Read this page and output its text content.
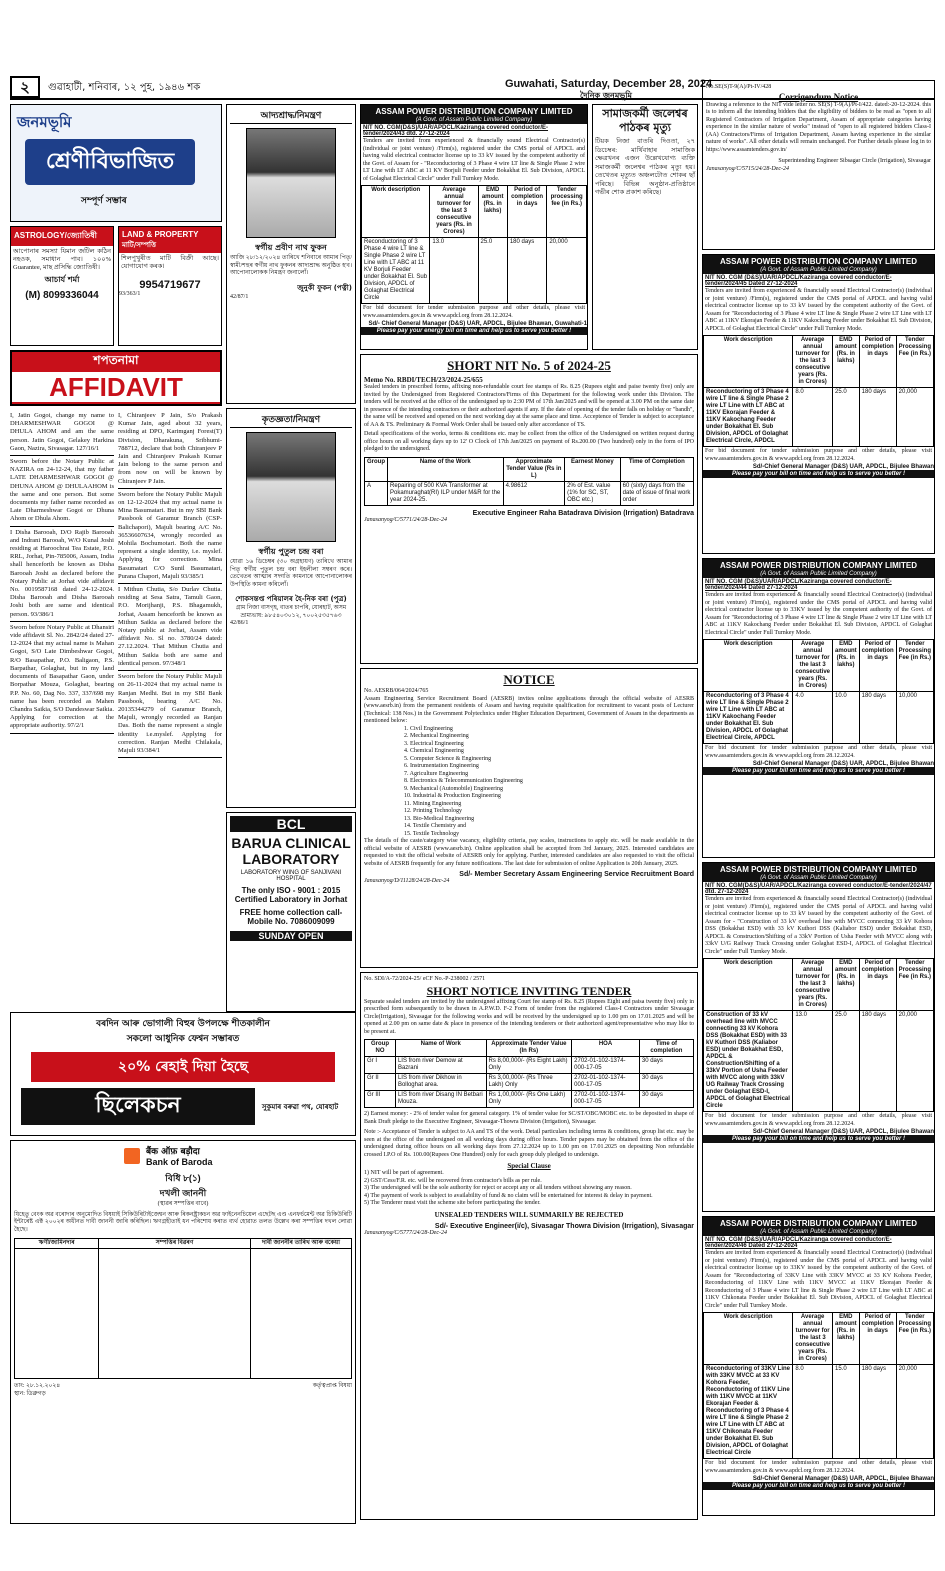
২	গুৱাহাটী, শনিবাৰ, ১২ পুহ, ১৯৪৬ শক	Guwahati, Saturday, December 28, 2024
দৈনিক জনমভূমি
জনমভূমি
শ্ৰেণীবিভাজিত
সম্পূৰ্ণ সম্ভাৰ
ASTROLOGY/জ্যোতিষী
আপোনাৰ সমস্যা যিমান জটিল কঠিন নহওক, সমাধান পাব। ১০০% Guarantee, মাছ প্ৰসিদ্ধি জ্যোতিষী।
আচাৰ্য শৰ্মা
(M) 8099336044
LAND & PROPERTY
মাটি/সম্পত্তি
শিলপুখুৰীত মাটি বিক্ৰী আছে। যোগাযোগ কৰক।
9954719677
93/363/1
শপতনামা
AFFIDAVIT
I, Jatin Gogoi, change my name to DHARMESHWAR GOGOI @ DHULA AHOM and am the same person. Jatin Gogoi, Gelakey Harkina Gaon, Nazira, Sivasagar. 127/16/1
Sworn before the Notary Public at NAZIRA on 24-12-24, that my father LATE DHARMESHWAR GOGOI @ DHUNA AHOM @ DHULAAHOM is the same and one person. But some documents my father name recorded as Late Dharmeshwar Gogoi or Dhuna Ahom or Dhula Ahom.
I Disha Barooah, D/O Rajib Barooah and Indrani Barooah, W/O Kunal Joshi residing at Haroochrai Tea Estate, P.O. RRL, Jorhat, Pin-785006, Assam, India shall henceforth be known as Disha Barooah Joshi as declared before the Notary Public at Jorhat vide affidavit No. 0019587168 dated 24-12-2024. Disha Barooah and Disha Barooah Joshi both are same and identical person. 93/386/1
Sworn before Notary Public at Dhansiri vide affidavit Sl. No. 2842/24 dated 27-12-2024 that my actual name is Mahan Gogoi, S/O Late Dimbeshwar Gogoi, R/O Basapathar, P.O. Baligaon, P.S. Barpathar, Golaghat, but in my land documents of Basapathar Gaon, under Borpathar Mouza, Golaghat, bearing P.P. No. 60, Dag No. 337, 337/698 my name has been recorded as Mahen Chandra Saikia, S/O Dandeswar Saikia. Applying for correction at the appropriate authority. 97/2/1
I, Chiranjeev P Jain, S/o Prakash Kumar Jain, aged about 32 years, residing at DPO, Karimganj Forest(T) Division, Dharakuna, Sribhumi-788712, declare that both Chiranjeev P Jain and Chiranjeev Prakash Kumar Jain belong to the same person and from now on will be known by Chiranjeev P Jain.
Sworn before the Notary Public Majuli on 12-12-2024 that my actual name is Mina Basumatari. But in my SBI Bank Passbook of Garamur Branch (CSP-Balichapori), Majuli bearing A/C No. 36536607634, wrongly recorded as Mohila Bochumotari. Both the name represent a single identity, i.e. myslef. Applying for correction. Mina Basumatari C/O Sunil Basumatari, Purana Chapori, Majuli 93/385/1
I Mithun Chutia, S/o Durlav Chutia. residing at Sesa Satra, Tamuli Gaon, P.O. Morijhanji, P.S. Bhagamukh, Jorhat, Assam henceforth be known as Mithun Saikia as declared before the Notary public at Jorhat, Assam vide affidavit No. Sl no. 3780/24 dated: 27.12.2024. That Mithun Chutia and Mithun Saikia both are same and identical person. 97/348/1
Sworn before the Notary Public Majuli on 26-11-2024 that my actual name is Ranjan Medhi. But in my SBI Bank Passbook, bearing A/C No. 20135344279 of Garamur Branch, Majuli, wrongly recorded as Ranjan Das. Both the name represent a single identity i.e.myslef. Applying for correction. Ranjan Medhi Chilakala, Majuli 93/384/1
আদ্যশ্ৰাদ্ধ/নিমন্ত্ৰণ
স্বৰ্গীয় প্ৰবীণ নাথ ফুকন
আজি ২৮/১২/২০২৪ তাৰিখে শনিবাৰে আমাৰ পিতৃ/স্বামী/শহুৰ স্বৰ্গীয় নাথ ফুকনৰ আদ্যশ্ৰাদ্ধ অনুষ্ঠিত হ'ব। আপোনালোকক নিমন্ত্ৰণ জনালোঁ।
জুনুকী ফুকন (পত্নী)
42/87/1
কৃতজ্ঞতা/নিমন্ত্ৰণ
স্বৰ্গীয় পুতুল চন্দ্ৰ বৰা
যোৱা ১৬ ডিচেম্বৰ (৩০ অগ্ৰহায়ণ) তাৰিখে আমাৰ পিতৃ স্বৰ্গীয় পুতুল চন্দ্ৰ বৰা ইহলীলা সম্বৰণ কৰে। তেখেতৰ আত্মাৰ সদ্গতি কামনাৰে আপোনালোকৰ উপস্থিতি কামনা কৰিলোঁ।
শোকসন্তপ্ত পৰিয়ালৰ হৈ-নিক বৰা (পুত্ৰ)
গ্ৰাম নিজা বাসগৃহ, বাতৰ চাপৰি, যোৰহাট, অসম
ভ্ৰাম্যভাষ: ৯৮৫৪০৩০১২, ৭০০২৫৩৫৭৬৩
42/86/1
BCL
BARUA CLINICAL LABORATORY
LABORATORY WING OF SANJIVANI HOSPITAL
The only ISO - 9001 : 2015 Certified Laboratory in Jorhat
FREE home collection call- Mobile No. 7086009099
SUNDAY OPEN
বৰদিন আৰু ভোগালী বিহুৰ উপলক্ষে শীতকালীন
সকলো আধুনিক ফেশ্বন সম্ভাৰত
২০% ৰেহাই দিয়া হৈছে
ছিলেকচন	সুকুমাৰ বৰুৱা পথ, যোৰহাট
बैंक ऑफ़ बड़ौदा
Bank of Baroda
বিধি ৮(১)
দখলী জাননী
(স্থাৱৰ সম্পত্তিৰ বাবে)
যিহেতু বেংক অৱ বৰোদাৰ অনুমোদিত বিষয়াই সিকিউৰিটাইজেশ্বন আৰু ৰিকনষ্ট্ৰাকচন অৱ ফাইনেনচিয়েল এছেটছ এণ্ড এনফৰ্চমেন্ট অৱ চিকিউৰিটি ইন্টাৰেষ্ট এক্ট ২০০২ৰ অধীনত দাবী জাননী জাৰি কৰিছিল। ঋণগ্ৰহীতাই ধন পৰিশোধ কৰাত ব্যৰ্থ হোৱাত তলত উল্লেখ কৰা সম্পত্তিৰ দখল লোৱা হৈছে।
ঋণী/জামিনদাৰ	সম্পত্তিৰ বিৱৰণ	দাবী জাননীৰ তাৰিখ আৰু বকেয়া

তাং: ২৮.১২.২০২৪
স্থান: ডিব্ৰুগড়
কৰ্তৃত্বপ্ৰাপ্ত বিষয়া
ASSAM POWER DISTRIBUTION COMPANY LIMITED
(A Govt. of Assam Public Limited Company)
NIT NO. CGM(D&S)/UAR/APDCL/Kaziranga covered conductor/E-tender/2024/43 dtd. 27-12-2024
Tenders are invited from experienced & financially sound Electrical Contractor(s) (individual or joint venture) /Firm(s), registered under the CMS portal of APDCL and having valid electrical contractor license up to 33 kV issued by the competent authority of the Govt. of Assam for - "Reconductoring of 3 Phase 4 wire LT line & Single Phase 2 wire LT Line with LT ABC at 11 KV Borjuli Feeder under Bokakhat El. Sub Division, APDCL of Golaghat Electrical Circle" under Full Turnkey Mode.
Work description	Average annual turnover for the last 3 consecutive years (Rs. in Crores)	EMD amount (Rs. in lakhs)	Period of completion in days	Tender processing fee (in Rs.)
Reconductoring of 3 Phase 4 wire LT line & Single Phase 2 wire LT Line with LT ABC at 11 KV Borjuli Feeder under Bokakhat El. Sub Division, APDCL of Golaghat Electrical Circle	13.0	25.0	180 days	20,000
For bid document for tender submission purpose and other details, please visit www.assamtenders.gov.in & www.apdcl.org from 28.12.2024.
Sd/- Chief General Manager (D&S) UAR, APDCL, Bijulee Bhawan, Guwahati-1
Please pay your energy bill on time and help us to serve you better !
সামাজকৰ্মী জলেশ্বৰ পাঠকৰ মৃত্যু
টিয়ক নিজা বাতৰি দিওতা, ২৭ ডিচেম্বৰ: মাৰ্থিবাহাৰ সামাজিক ক্ষেত্ৰখনৰ এজন উল্লেখযোগ্য ব্যক্তি সমাজকৰ্মী জলেশ্বৰ পাঠকৰ মৃত্যু হয়। তেখেতৰ মৃত্যুত অঞ্চলটোত শোকৰ ছাঁ পৰিছে। বিভিন্ন অনুষ্ঠান-প্ৰতিষ্ঠানে গভীৰ শোক প্ৰকাশ কৰিছে।
SHORT NIT No. 5 of 2024-25
Memo No. RBDI/TECH/23/2024-25/655
Sealed tenders in prescribed forms, affixing non-refundable court fee stamps of Rs. 8.25 (Rupees eight and paise twenty five) only are invited by the Undersigned from Registered Contractors/Firms of this Department for the following work under this Division. The tenders will be received at the office of the undersigned up to 2:30 PM of 17th Jan/2025 and will be opened at 3.00 PM on the same date in presence of the intending contractors or their authorized agents if any. If the date of opening of the tender falls on holiday or "bandh", the same will be received and opened on the next working day at the same place and time. Acceptence of Tender is subject to acceptance of AA & TS. Preliminary & Formal Work Order shall be issued only after accordance of TS.
Detail specifications of the works, terms & conditions etc. may be collect from the office of the Undersigned on written request during office hours on all working days up to 12' O Clock of 17th Jan/2025 on payment of Rs.200.00 (Two hundred) only in the form of IPO pledged to the undersigned.
Group	Name of the Work	Approximate Tender Value (Rs in L)	Earnest Money	Time of Completion
A	Repairing of 500 KVA Transformer at Pokamuraghat(RI) ILP under M&R for the year 2024-25.	4.98612	2% of Est. value (1% for SC, ST, OBC etc.)	60 (sixty) days from the date of issue of final work order
Executive Engineer Raha Batadrava Division (Irrigation) Batadrava
Janasanyog/C/5771/24/28-Dec-24
NOTICE
No. AESRB/064/2024/765
Assam Engineering Service Recruitment Board (AESRB) invites online applications through the official website of AESRB (www.aesrb.in) from the permanent residents of Assam and having requisite qualification for recruitment to vacant posts of Lecturer (Technical: 138 Nos.) in the Government Polytechnics under Higher Education Department, Government of Assam in the departments as mentioned below:
1. Civil Engineering
2. Mechanical Engineering
3. Electrical Engineering
4. Chemical Engineering
5. Computer Science & Engineering
6. Instrumentation Engineering
7. Agriculture Engineering
8. Electronics & Telecommunication Engineering
9. Mechanical (Automobile) Engineering
10. Industrial & Production Engineering
11. Mining Engineering
12. Printing Technology
13. Bio-Medical Engineering
14. Textile Chemistry and
15. Textile Technology
The details of the caste/category wise vacancy, eligibility criteria, pay scales, instructions to apply etc. will be made available in the official website of AESRB (www.aesrb.in). Online application shall be accepted from 3rd January, 2025. Interested candidates are requested to visit the official website of AESRB only for applying. Further, interested candidates are also requested to visit the official website of AESRB frequently for any future notifications. The last date for submission of online Application is 20th January, 2025.
Sd/- Member Secretary Assam Engineering Service Recruitment Board
Janasanyog/D/11128/24/28-Dec-24
No. SDI/A-72/2024-25/ eCF No.-P-238002 / 2571
SHORT NOTICE INVITING TENDER
Separate sealed tenders are invited by the undersigned affixing Court fee stamp of Rs. 8.25 (Rupees Eight and paisa twenty five) only in prescribed form subsequently to be drawn in A.P.W.D. F-2 Form of tender from the registered Class-I Contractors under Sivasagar Circle(Irrigation), Sivasagar for the following works and will be received by the undersigned up to 1.00 pm on 17.01.2025 and will be opened at 2.00 pm on same date & place in presence of the intending tenderers or their authorized agent/representative who may like to be present at.
Group NO	Name of Work	Approximate Tender Value (In Rs)	HOA	Time of completion
Gr I	LIS from river Demow at Bazrani	Rs 8,00,000/- (Rs Eight Lakh) Only	2702-01-102-1374-000-17-05	30 days
Gr II	LIS from river Dikhow in Bolloghat area.	Rs 3,00,000/- (Rs Three Lakh) Only	2702-01-102-1374-000-17-05	30 days
Gr III	LIS from river Disang IN Betbari Mouza.	Rs 1,00,000/- (Rs One Lakh) Only	2702-01-102-1374-000-17-05	30 days
2) Earnest money: - 2% of tender value for general category. 1% of tender value for SC/ST/OBC/MOBC etc. to be deposited in shape of Bank Draft pledge to the Executive Engineer, Sivasagar-Thowra Division (Irrigation), Sivasagar.
Note :- Acceptance of Tender is subject to AA and TS of the work. Detail particulars including terms & conditions, group list etc. may be seen at the office of the undersigned on all working days during office hours. Tender papers may be obtained from the office of the undersigned during office hours on all working days from 27.12.2024 up to 1.00 pm on 17.01.2025 on depositing Non refundable crossed I.P.O of Rs. 100.00(Rupees One Hundred) only for each group duly pledged to undersign.
Special Clause
1) NIT will be part of agreement.
2) GST/Cess/F.R. etc. will be recovered from contractor's bills as per rule.
3) The undersigned will be the sole authority for reject or accept any or all tenders without showing any reason.
4) The payment of work is subject to availability of fund & no claim will be entertained for interest & delay in payment.
5) The Tenderer must visit the scheme site before participating the tender.
UNSEALED TENDERS WILL SUMMARILY BE REJECTED
Sd/- Executive Engineer(i/c), Sivasagar Thowra Division (Irrigation), Sivasagar
Janasanyog/C/5777/24/28-Dec-24
No.SE(S)T-9(A)/Pt-IV/428
Corrigendum Notice
Drawing a reference to the NIT vide letter no. SE(S) T-9(A)/Pt-I/422. dated:-20-12-2024. this is to inform all the intending bidders that the eligibility of bidders to be read as "open to all Registered Contractors of Irrigation Department, Assam of appropriate categories having experience in the similar nature of works" instead of "open to all registered bidders Class-I (AA) Contractors/Firms of Irrigation Department, Assam having experience in the similar nature of works". All other details will remain unchanged. For Further details please log in to https://www.assamtenders.gov.in/
Superintending Engineer Sibsagar Circle (Irrigation), Sivasagar
Janasanyog/C/5715/24/28-Dec-24
ASSAM POWER DISTRIBUTION COMPANY LIMITED
(A Govt. of Assam Public Limited Company)
NIT NO. CGM (D&S)/UAR/APDCL/Kaziranga covered conductor/E-tender/2024/45 Dated 27-12-2024
Tenders are invited from experienced & financially sound Electrical Contractor(s) (individual or joint venture) /Firm(s), registered under the CMS portal of APDCL and having valid electrical contractor license up to 33 kV issued by the competent authority of the Govt. of Assam for "Reconductoring of 3 Phase 4 wire LT line & Single Phase 2 wire LT Line with LT ABC at 11KV Ekorajan Feeder & 11KV Kakochang Feeder under Bokakhat El. Sub Division, APDCL of Golaghat Electrical Circle" under Full Turnkey Mode.
Work description	Average annual turnover for the last 3 consecutive years (Rs. in Crores)	EMD amount (Rs. in lakhs)	Period of completion in days	Tender Processing Fee (in Rs.)
Reconductoring of 3 Phase 4 wire LT line & Single Phase 2 wire LT Line with LT ABC at 11KV Ekorajan Feeder & 11KV Kakochang Feeder under Bokakhat El. Sub Division, APDCL of Golaghat Electrical Circle, APDCL	8.0	25.0	180 days	20,000
For bid document for tender submission purpose and other details, please visit www.assamtenders.gov.in & www.apdcl.org from 28.12.2024.
Sd/-Chief General Manager (D&S) UAR, APDCL, Bijulee Bhawan
Please pay your bill on time and help us to serve you better !
ASSAM POWER DISTRIBUTION COMPANY LIMITED
(A Govt. of Assam Public Limited Company)
NIT NO. CGM (D&S)/UAR/APDCL/Kaziranga covered conductor/E-tender/2024/44 Dated 27-12-2024
Tenders are invited from experienced & financially sound Electrical Contractor(s) (individual or joint venture) /Firm(s), registered under the CMS portal of APDCL and having valid electrical contractor license up to 33KV issued by the competent authority of the Govt. of Assam for "Reconductoring of 3 Phase 4 wire LT line & Single Phase 2 wire LT Line with LT ABC at 11KV Kakochang Feeder under Bokakhat El. Sub Division, APDCL of Golaghat Electrical Circle" under Full Turnkey Mode.
Work description	Average annual turnover for the last 3 consecutive years (Rs. in Crores)	EMD amount (Rs. in lakhs)	Period of completion in days	Tender Processing Fee (in Rs.)
Reconductoring of 3 Phase 4 wire LT line & Single Phase 2 wire LT Line with LT ABC at 11KV Kakochang Feeder under Bokakhat El. Sub Division, APDCL of Golaghat Electrical Circle, APDCL	4.0	10.0	180 days	10,000
For bid document for tender submission purpose and other details, please visit www.assamtenders.gov.in & www.apdcl.org from 28.12.2024.
Sd/-Chief General Manager (D&S) UAR, APDCL, Bijulee Bhawan
Please pay your bill on time and help us to serve you better !
ASSAM POWER DISTRIBUTION COMPANY LIMITED
(A Govt. of Assam Public Limited Company)
NIT NO. CGM(D&S)/UAR/APDCL/Kaziranga covered conductor/E-tender/2024/47 dtd. 27-12-2024
Tenders are invited from experienced & financially sound Electrical Contractor(s) (individual or joint venture) /Firm(s), registered under the CMS portal of APDCL and having valid electrical contractor license up to 33 kV issued by the competent authority of the Govt. of Assam for - "Construction of 33 kV overhead line with MVCC connecting 33 kV Kohora DSS (Bokakhat ESD) with 33 kV Kuthori DSS (Kaliabor ESD) under Bokakhat ESD, APDCL & Construction/Shifting of a 33kV Portion of Usha Feeder with MVCC along with 33kV U/G Railway Track Crossing under Golaghat ESD-I, APDCL of Golaghat Electrical Circle" under Full Turnkey Mode.
Work description	Average annual turnover for the last 3 consecutive years (Rs. in Crores)	EMD amount (Rs. in lakhs)	Period of completion in days	Tender Processing Fee (in Rs.)
Construction of 33 kV overhead line with MVCC connecting 33 kV Kohora DSS (Bokakhat ESD) with 33 kV Kuthori DSS (Kaliabor ESD) under Bokakhat ESD, APDCL & Construction/Shifting of a 33kV Portion of Usha Feeder with MVCC along with 33kV UG Railway Track Crossing under Golaghat ESD-I, APDCL of Golaghat Electrical Circle	13.0	25.0	180 days	20,000
For bid document for tender submission purpose and other details, please visit www.assamtenders.gov.in & www.apdcl.org from 28.12.2024.
Sd/-Chief General Manager (D&S) UAR, APDCL, Bijulee Bhawan
Please pay your bill on time and help us to serve you better !
ASSAM POWER DISTRIBUTION COMPANY LIMITED
(A Govt. of Assam Public Limited Company)
NIT NO. CGM (D&S)/UAR/APDCL/Kaziranga covered conductor/E-tender/2024/46 Dated 27-12-2024
Tenders are invited from experienced & financially sound Electrical Contractor(s) (individual or joint venture) /Firm(s), registered under the CMS portal of APDCL and having valid electrical contractor license up to 33KV issued by the competent authority of the Govt. of Assam for "Reconductoring of 33KV Line with 33KV MVCC at 33 KV Kohora Feeder, Reconductoring of 11KV Line with 11KV MVCC at 11KV Ekorajan Feeder & Reconductoring of 3 Phase 4 wire LT line & Single Phase 2 wire LT Line with LT ABC at 11KV Chikonata Feeder under Bokakhat El. Sub Division, APDCL of Golaghat Electrical Circle" under Full Turnkey Mode.
Work description	Average annual turnover for the last 3 consecutive years (Rs. in Crores)	EMD amount (Rs. in lakhs)	Period of completion in days	Tender Processing Fee (in Rs.)
Reconductoring of 33KV Line with 33KV MVCC at 33 KV Kohora Feeder, Reconductoring of 11KV Line with 11KV MVCC at 11KV Ekorajan Feeder & Reconductoring of 3 Phase 4 wire LT line & Single Phase 2 wire LT Line with LT ABC at 11KV Chikonata Feeder under Bokakhat El. Sub Division, APDCL of Golaghat Electrical Circle	8.0	15.0	180 days	20,000
For bid document for tender submission purpose and other details, please visit www.assamtenders.gov.in & www.apdcl.org from 28.12.2024.
Sd/-Chief General Manager (D&S) UAR, APDCL, Bijulee Bhawan
Please pay your bill on time and help us to serve you better !
